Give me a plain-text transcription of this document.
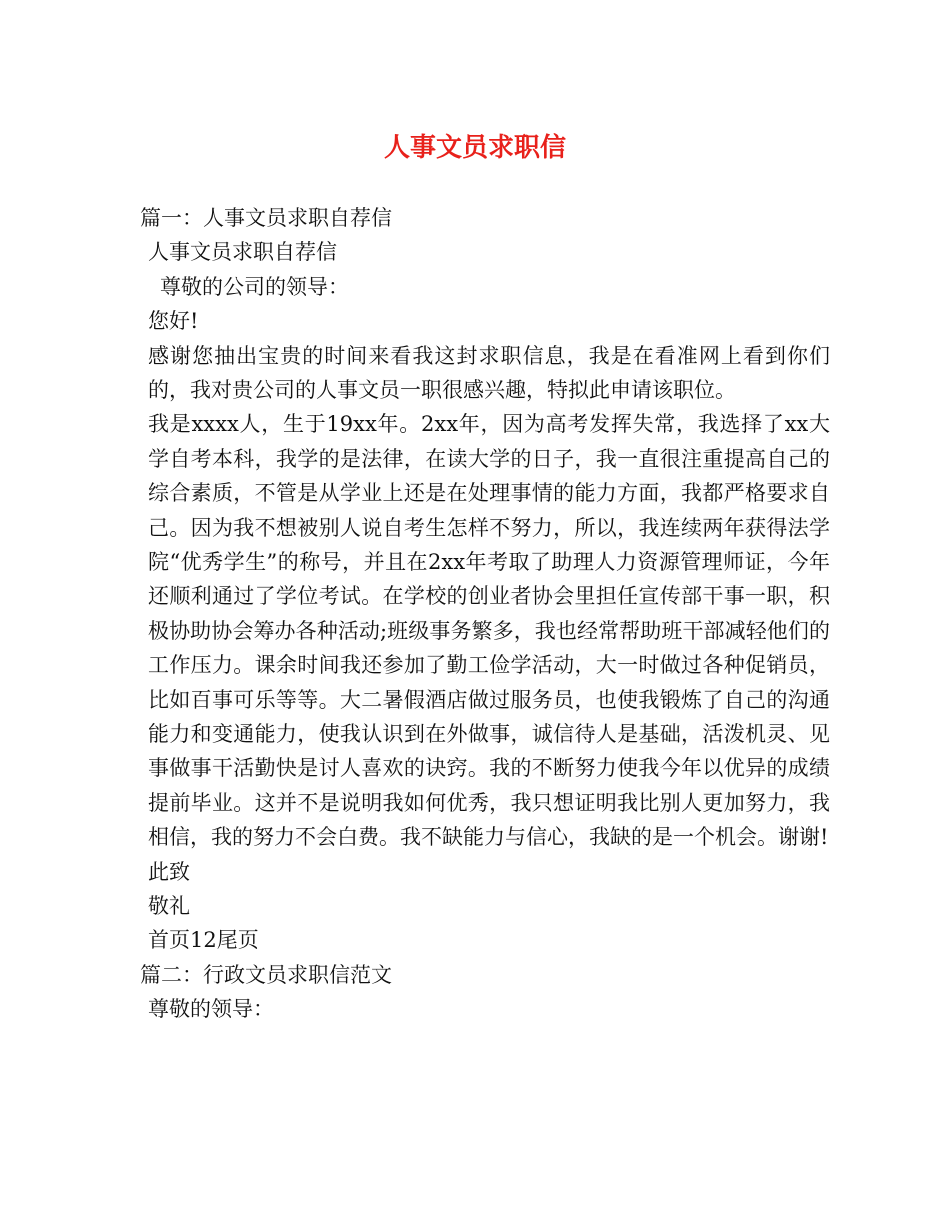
人事文员求职信
篇一：人事文员求职自荐信
人事文员求职自荐信
尊敬的公司的领导：
您好!
感谢您抽出宝贵的时间来看我这封求职信息，我是在看准网上看到你们的，我对贵公司的人事文员一职很感兴趣，特拟此申请该职位。
我是xxxx人，生于19xx年。2xx年，因为高考发挥失常，我选择了xx大学自考本科，我学的是法律，在读大学的日子，我一直很注重提高自己的综合素质，不管是从学业上还是在处理事情的能力方面，我都严格要求自己。因为我不想被别人说自考生怎样不努力，所以，我连续两年获得法学院“优秀学生”的称号，并且在2xx年考取了助理人力资源管理师证，今年还顺利通过了学位考试。在学校的创业者协会里担任宣传部干事一职，积极协助协会筹办各种活动;班级事务繁多，我也经常帮助班干部减轻他们的工作压力。课余时间我还参加了勤工俭学活动，大一时做过各种促销员，比如百事可乐等等。大二暑假酒店做过服务员，也使我锻炼了自己的沟通能力和变通能力，使我认识到在外做事，诚信待人是基础，活泼机灵、见事做事干活勤快是讨人喜欢的诀窍。我的不断努力使我今年以优异的成绩提前毕业。这并不是说明我如何优秀，我只想证明我比别人更加努力，我相信，我的努力不会白费。我不缺能力与信心，我缺的是一个机会。谢谢!
此致
敬礼
首页12尾页
篇二：行政文员求职信范文
尊敬的领导：
